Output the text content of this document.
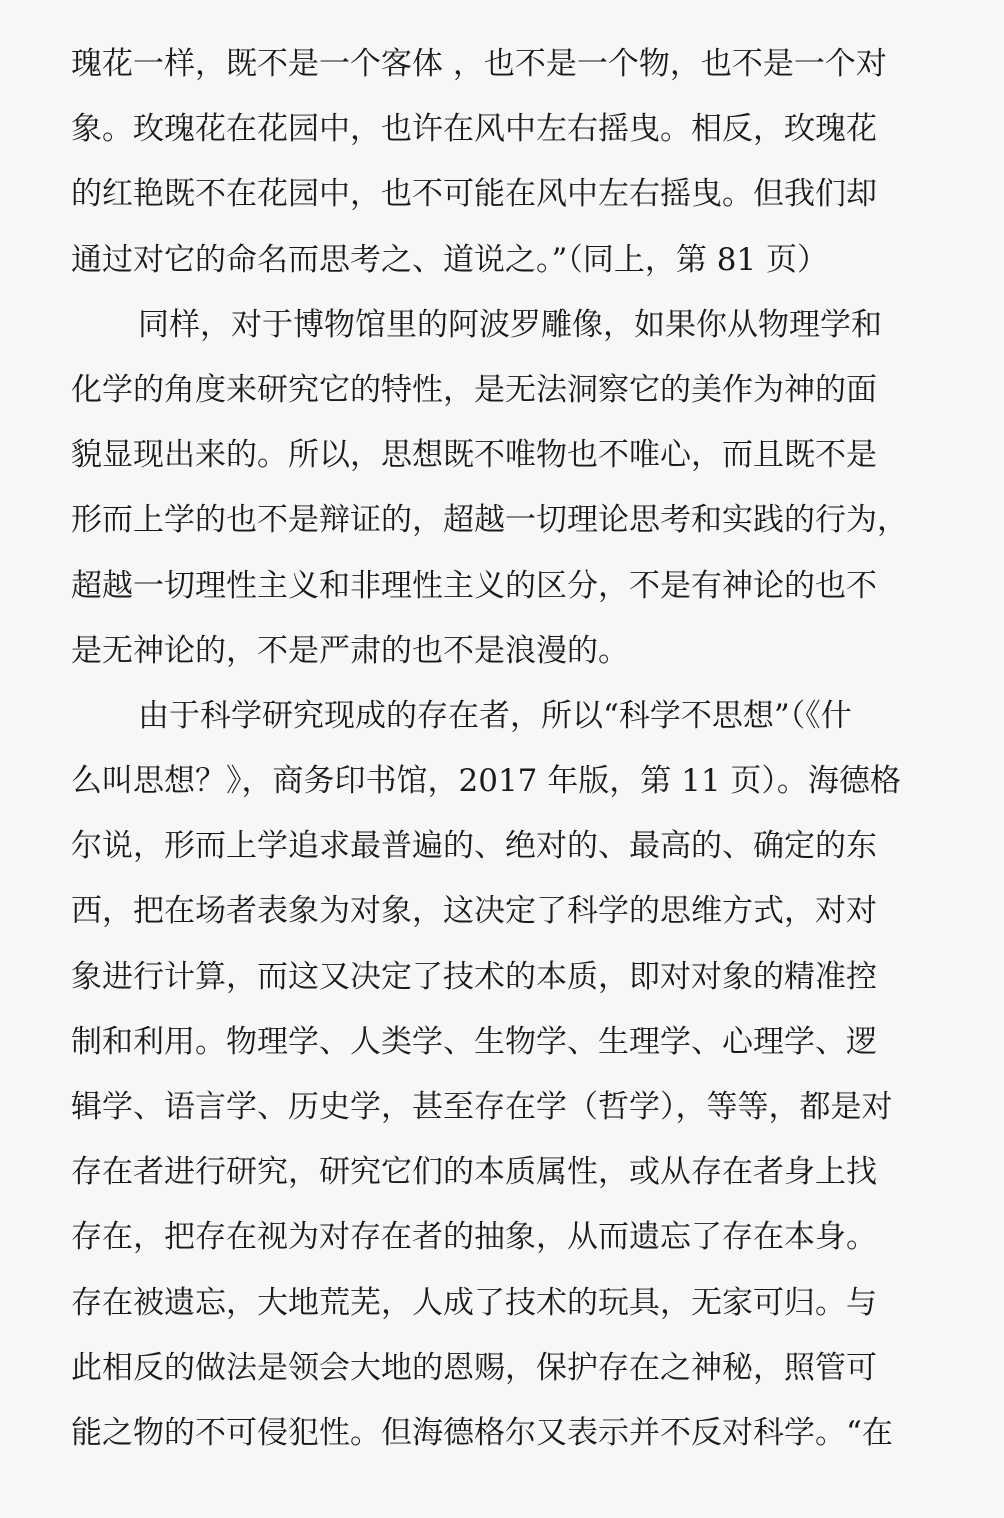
瑰花一样，既不是一个客体 ，也不是一个物，也不是一个对
象。玫瑰花在花园中，也许在风中左右摇曳。相反，玫瑰花
的红艳既不在花园中，也不可能在风中左右摇曳。但我们却
通过对它的命名而思考之、道说之。”（同上，第 81 页）
同样，对于博物馆里的阿波罗雕像，如果你从物理学和
化学的角度来研究它的特性，是无法洞察它的美作为神的面
貌显现出来的。所以，思想既不唯物也不唯心，而且既不是
形而上学的也不是辩证的，超越一切理论思考和实践的行为，
超越一切理性主义和非理性主义的区分，不是有神论的也不
是无神论的，不是严肃的也不是浪漫的。
由于科学研究现成的存在者，所以“科学不思想”（《什
么叫思想？》，商务印书馆，2017 年版，第 11 页）。海德格
尔说，形而上学追求最普遍的、绝对的、最高的、确定的东
西，把在场者表象为对象，这决定了科学的思维方式，对对
象进行计算，而这又决定了技术的本质，即对对象的精准控
制和利用。物理学、人类学、生物学、生理学、心理学、逻
辑学、语言学、历史学，甚至存在学（哲学），等等，都是对
存在者进行研究，研究它们的本质属性，或从存在者身上找
存在，把存在视为对存在者的抽象，从而遗忘了存在本身。
存在被遗忘，大地荒芜，人成了技术的玩具，无家可归。与
此相反的做法是领会大地的恩赐，保护存在之神秘，照管可
能之物的不可侵犯性。但海德格尔又表示并不反对科学。“在
